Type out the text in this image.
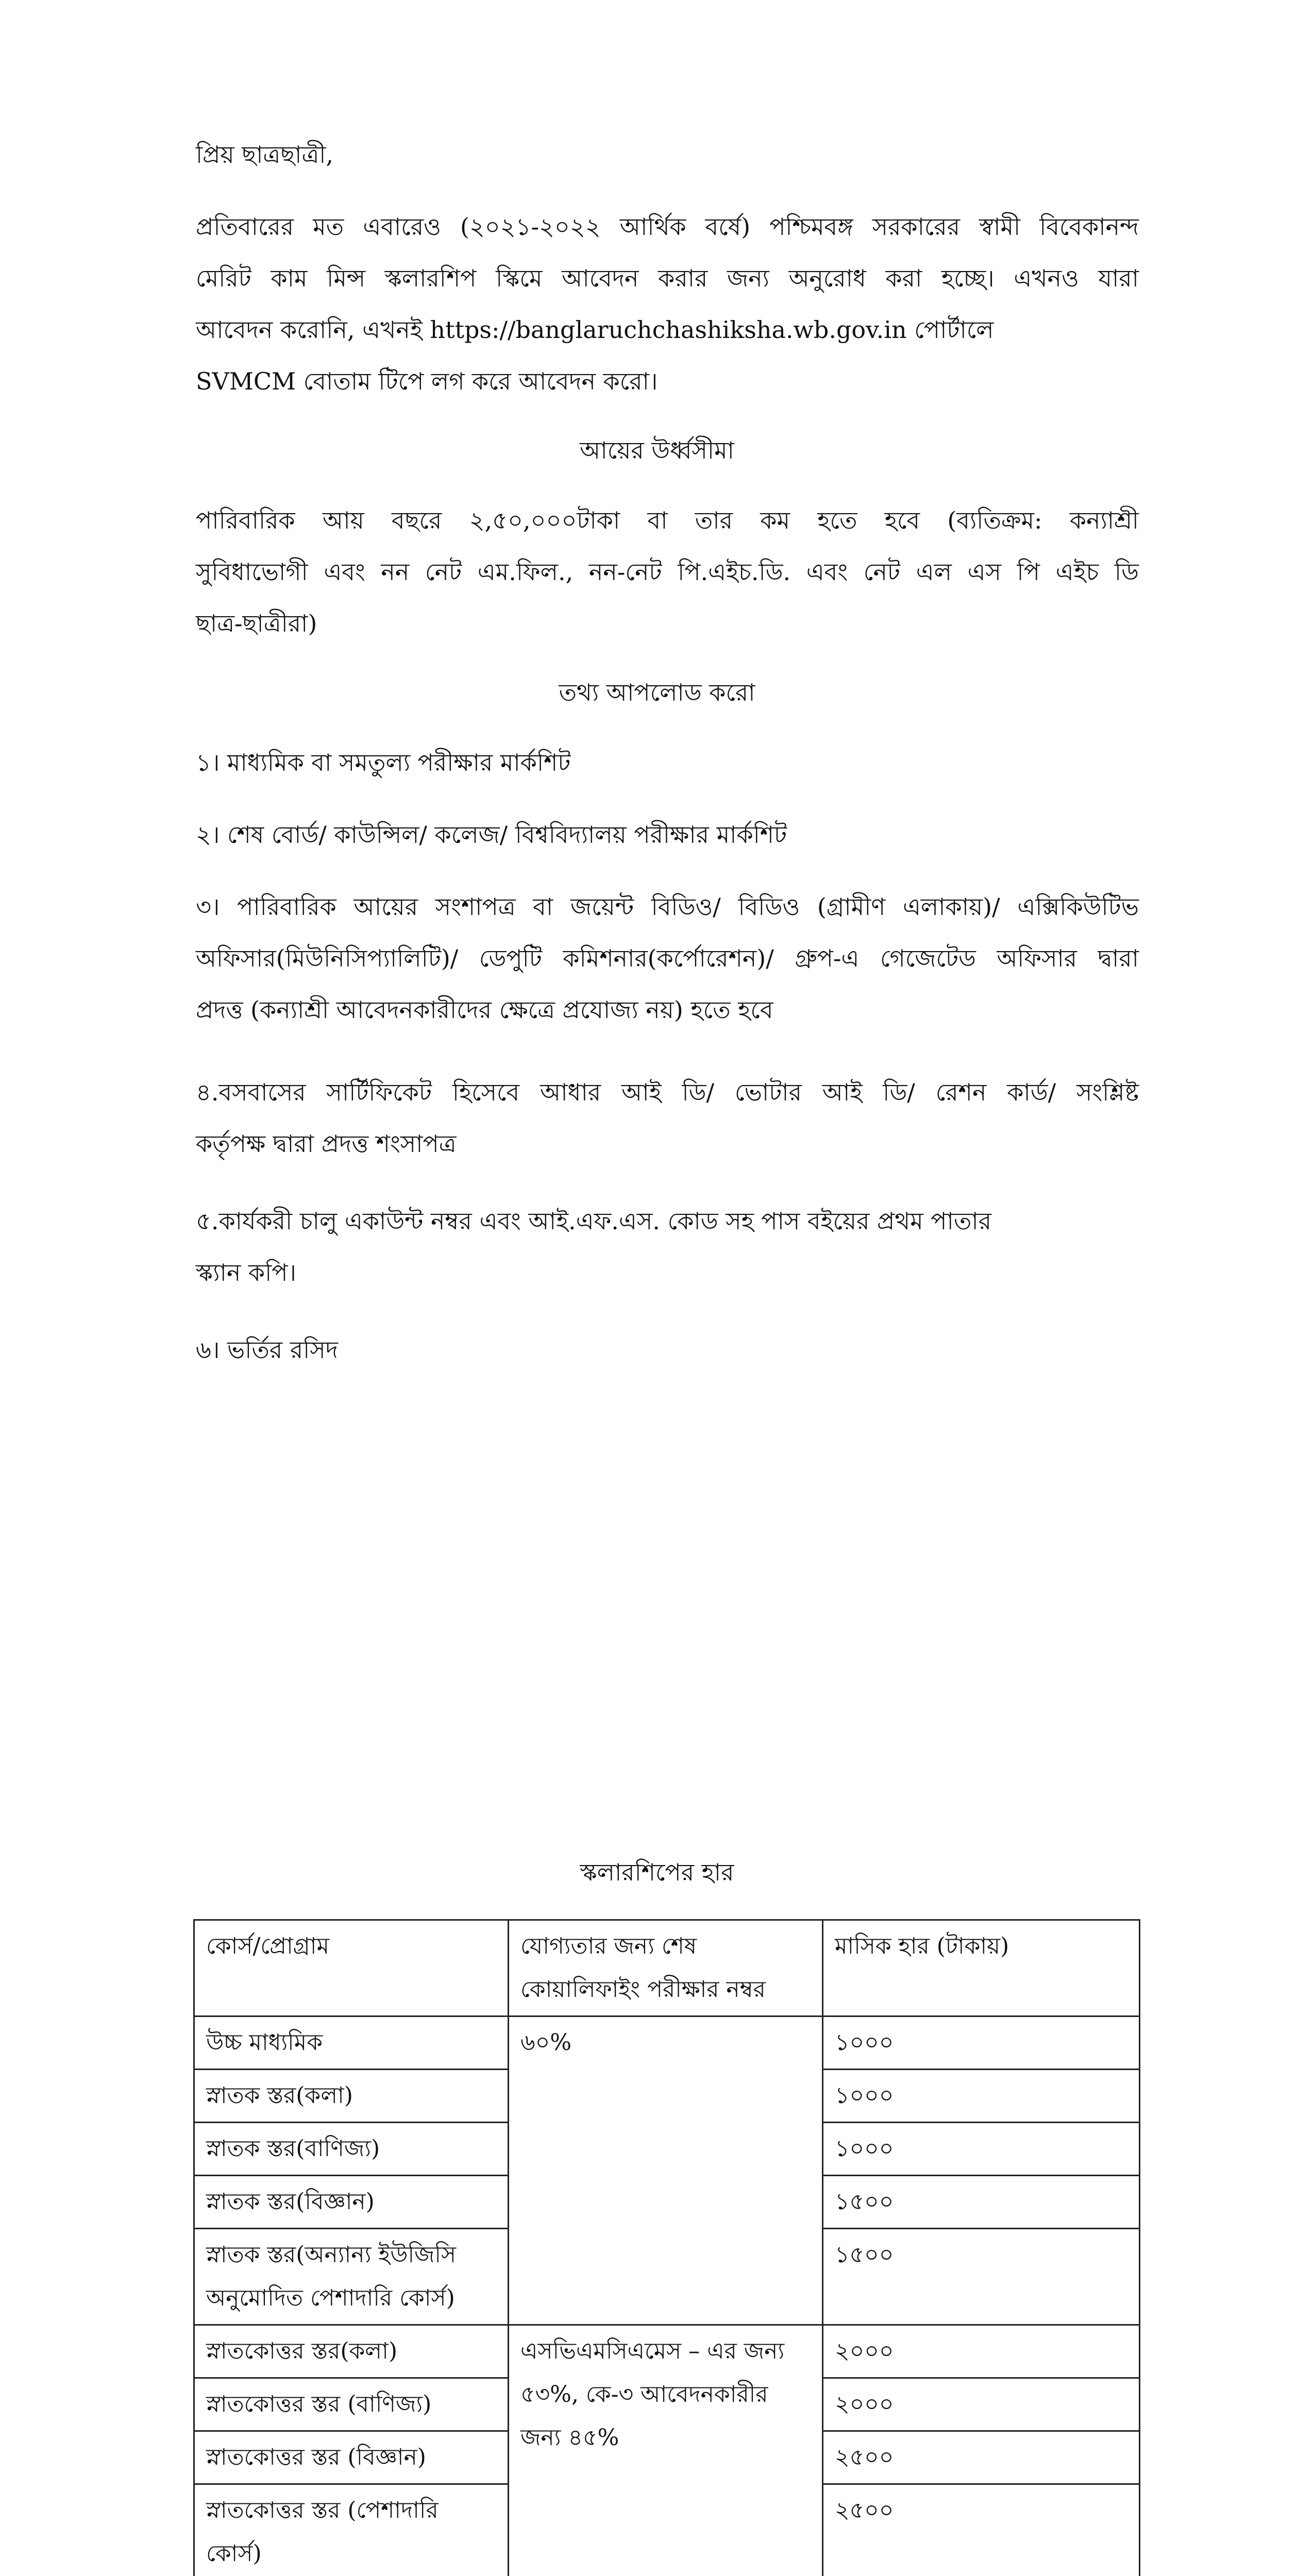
প্রিয় ছাত্রছাত্রী,

প্রতিবারের মত এবারেও (২০২১-২০২২ আর্থিক বর্ষে) পশ্চিমবঙ্গ সরকারের স্বামী বিবেকানন্দ

মেরিট কাম মিন্স স্কলারশিপ স্কিমে আবেদন করার জন্য অনুরোধ করা হচ্ছে। এখনও যারা

আবেদন করোনি, এখনই https://banglaruchchashiksha.wb.gov.in পোর্টালে

SVMCM বোতাম টিপে লগ করে আবেদন করো।

আয়ের উর্ধ্বসীমা

পারিবারিক আয় বছরে ২,৫০,০০০টাকা বা তার কম হতে হবে (ব্যতিক্রম: কন্যাশ্রী

সুবিধাভোগী এবং নন নেট এম.ফিল., নন-নেট পি.এইচ.ডি. এবং নেট এল এস পি এইচ ডি

ছাত্র-ছাত্রীরা)

তথ্য আপলোড করো

১। মাধ্যমিক বা সমতুল্য পরীক্ষার মার্কশিট

২। শেষ বোর্ড/ কাউন্সিল/ কলেজ/ বিশ্ববিদ্যালয় পরীক্ষার মার্কশিট

৩। পারিবারিক আয়ের সংশাপত্র বা জয়েন্ট বিডিও/ বিডিও (গ্রামীণ এলাকায়)/ এক্সিকিউটিভ

অফিসার(মিউনিসিপ্যালিটি)/ ডেপুটি কমিশনার(কর্পোরেশন)/ গ্রুপ-এ গেজেটেড অফিসার দ্বারা

প্রদত্ত (কন্যাশ্রী আবেদনকারীদের ক্ষেত্রে প্রযোজ্য নয়) হতে হবে

৪.বসবাসের সার্টিফিকেট হিসেবে আধার আই ডি/ ভোটার আই ডি/ রেশন কার্ড/ সংশ্লিষ্ট

কর্তৃপক্ষ দ্বারা প্রদত্ত শংসাপত্র

৫.কার্যকরী চালু একাউন্ট নম্বর এবং আই.এফ.এস. কোড সহ পাস বইয়ের প্রথম পাতার

স্ক্যান কপি।

৬। ভর্তির রসিদ

স্কলারশিপের হার

কোর্স/প্রোগ্রাম	যোগ্যতার জন্য শেষ কোয়ালিফাইং পরীক্ষার নম্বর	মাসিক হার (টাকায়)
উচ্চ মাধ্যমিক	৬০%	১০০০
স্নাতক স্তর(কলা)		১০০০
স্নাতক স্তর(বাণিজ্য)		১০০০
স্নাতক স্তর(বিজ্ঞান)		১৫০০
স্নাতক স্তর(অন্যান্য ইউজিসি অনুমোদিত পেশাদারি কোর্স)		১৫০০
স্নাতকোত্তর স্তর(কলা)	এসভিএমসিএমেস – এর জন্য ৫৩%, কে-৩ আবেদনকারীর জন্য ৪৫%	২০০০
স্নাতকোত্তর স্তর (বাণিজ্য)		২০০০
স্নাতকোত্তর স্তর (বিজ্ঞান)		২৫০০
স্নাতকোত্তর স্তর (পেশাদারি কোর্স)		২৫০০
